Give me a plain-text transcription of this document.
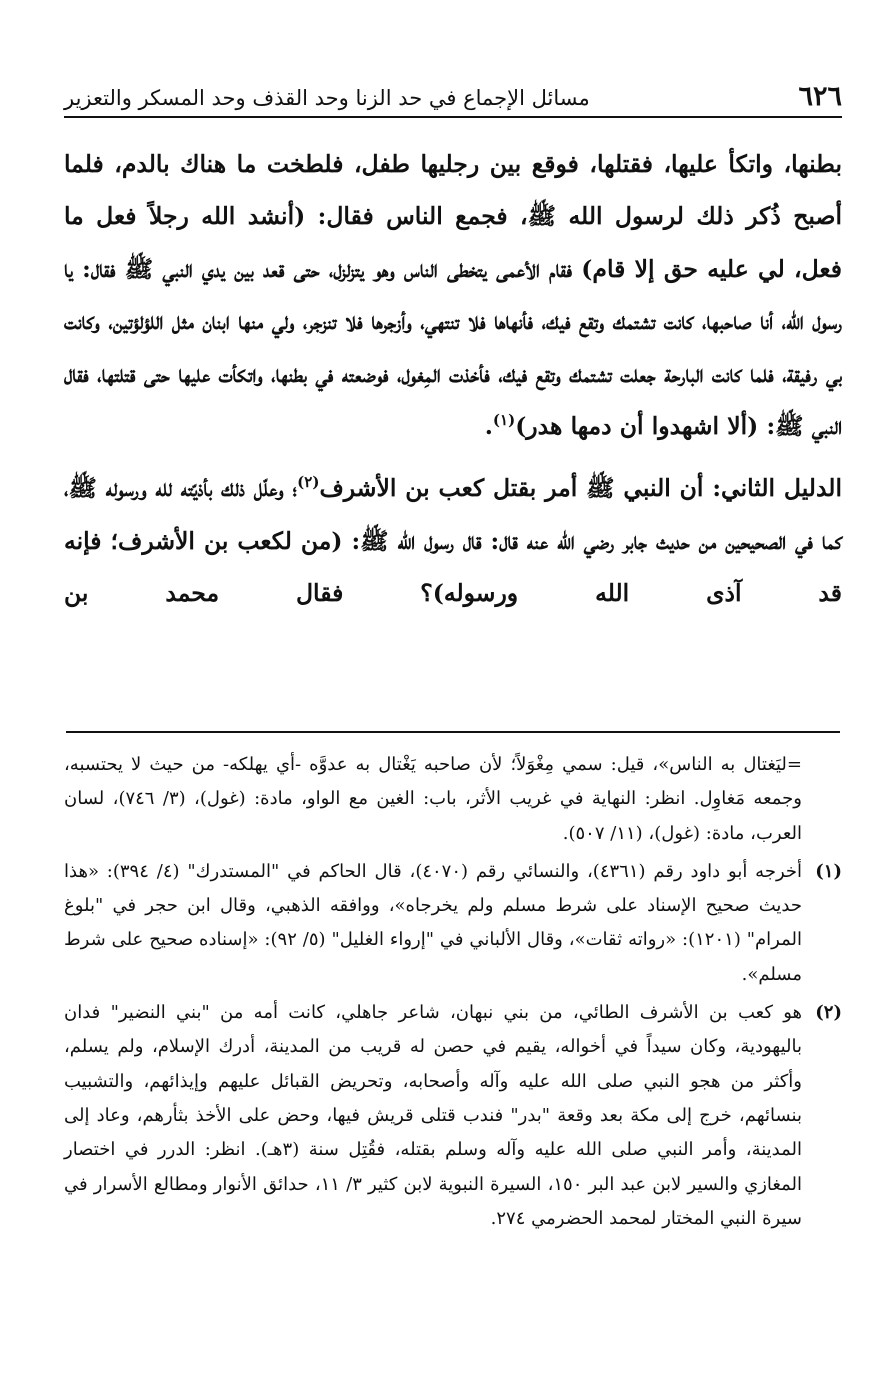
٦٢٦
مسائل الإجماع في حد الزنا وحد القذف وحد المسكر والتعزير

بطنها، واتكأ عليها، فقتلها، فوقع بين رجليها طفل، فلطخت ما هناك بالدم، فلما أصبح ذُكر ذلك لرسول الله ﷺ، فجمع الناس فقال: (أنشد الله رجلاً فعل ما فعل، لي عليه حق إلا قام) فقام الأعمى يتخطى الناس وهو يتزلزل، حتى قعد بين يدي النبي ﷺ فقال: يا رسول الله، أنا صاحبها، كانت تشتمك وتقع فيك، فأنهاها فلا تنتهي، وأزجرها فلا تنزجر، ولي منها ابنان مثل اللؤلؤتين، وكانت بي رفيقة، فلما كانت البارحة جعلت تشتمك وتقع فيك، فأخذت المِغول، فوضعته في بطنها، واتكأت عليها حتى قتلتها، فقال النبي ﷺ: (ألا اشهدوا أن دمها هدر)$^{(١)}$.

الدليل الثاني: أن النبي ﷺ أمر بقتل كعب بن الأشرف$^{(٢)}$؛ وعلّل ذلك بأذيّته لله ورسوله ﷺ، كما في الصحيحين من حديث جابر رضي الله عنه قال: قال رسول الله ﷺ: (من لكعب بن الأشرف؛ فإنه قد آذى الله ورسوله)؟ فقال محمد بن

=ليَغتال به الناس»، قيل: سمي مِغْوَلاً؛ لأن صاحبه يَغْتال به عدوَّه -أي يهلكه- من حيث لا يحتسبه، وجمعه مَغاوِل. انظر: النهاية في غريب الأثر، باب: الغين مع الواو، مادة: (غول)، (٣/ ٧٤٦)، لسان العرب، مادة: (غول)، (١١/ ٥٠٧).
(١)
أخرجه أبو داود رقم (٤٣٦١)، والنسائي رقم (٤٠٧٠)، قال الحاكم في "المستدرك" (٤/ ٣٩٤): «هذا حديث صحيح الإسناد على شرط مسلم ولم يخرجاه»، ووافقه الذهبي، وقال ابن حجر في "بلوغ المرام" (١٢٠١): «رواته ثقات»، وقال الألباني في "إرواء الغليل" (٥/ ٩٢): «إسناده صحيح على شرط مسلم».
(٢)
هو كعب بن الأشرف الطائي، من بني نبهان، شاعر جاهلي، كانت أمه من "بني النضير" فدان باليهودية، وكان سيداً في أخواله، يقيم في حصن له قريب من المدينة، أدرك الإسلام، ولم يسلم، وأكثر من هجو النبي صلى الله عليه وآله وأصحابه، وتحريض القبائل عليهم وإيذائهم، والتشبيب بنسائهم، خرج إلى مكة بعد وقعة "بدر" فندب قتلى قريش فيها، وحض على الأخذ بثأرهم، وعاد إلى المدينة، وأمر النبي صلى الله عليه وآله وسلم بقتله، فقُتِل سنة (٣هـ). انظر: الدرر في اختصار المغازي والسير لابن عبد البر ١٥٠، السيرة النبوية لابن كثير ٣/ ١١، حدائق الأنوار ومطالع الأسرار في سيرة النبي المختار لمحمد الحضرمي ٢٧٤.
